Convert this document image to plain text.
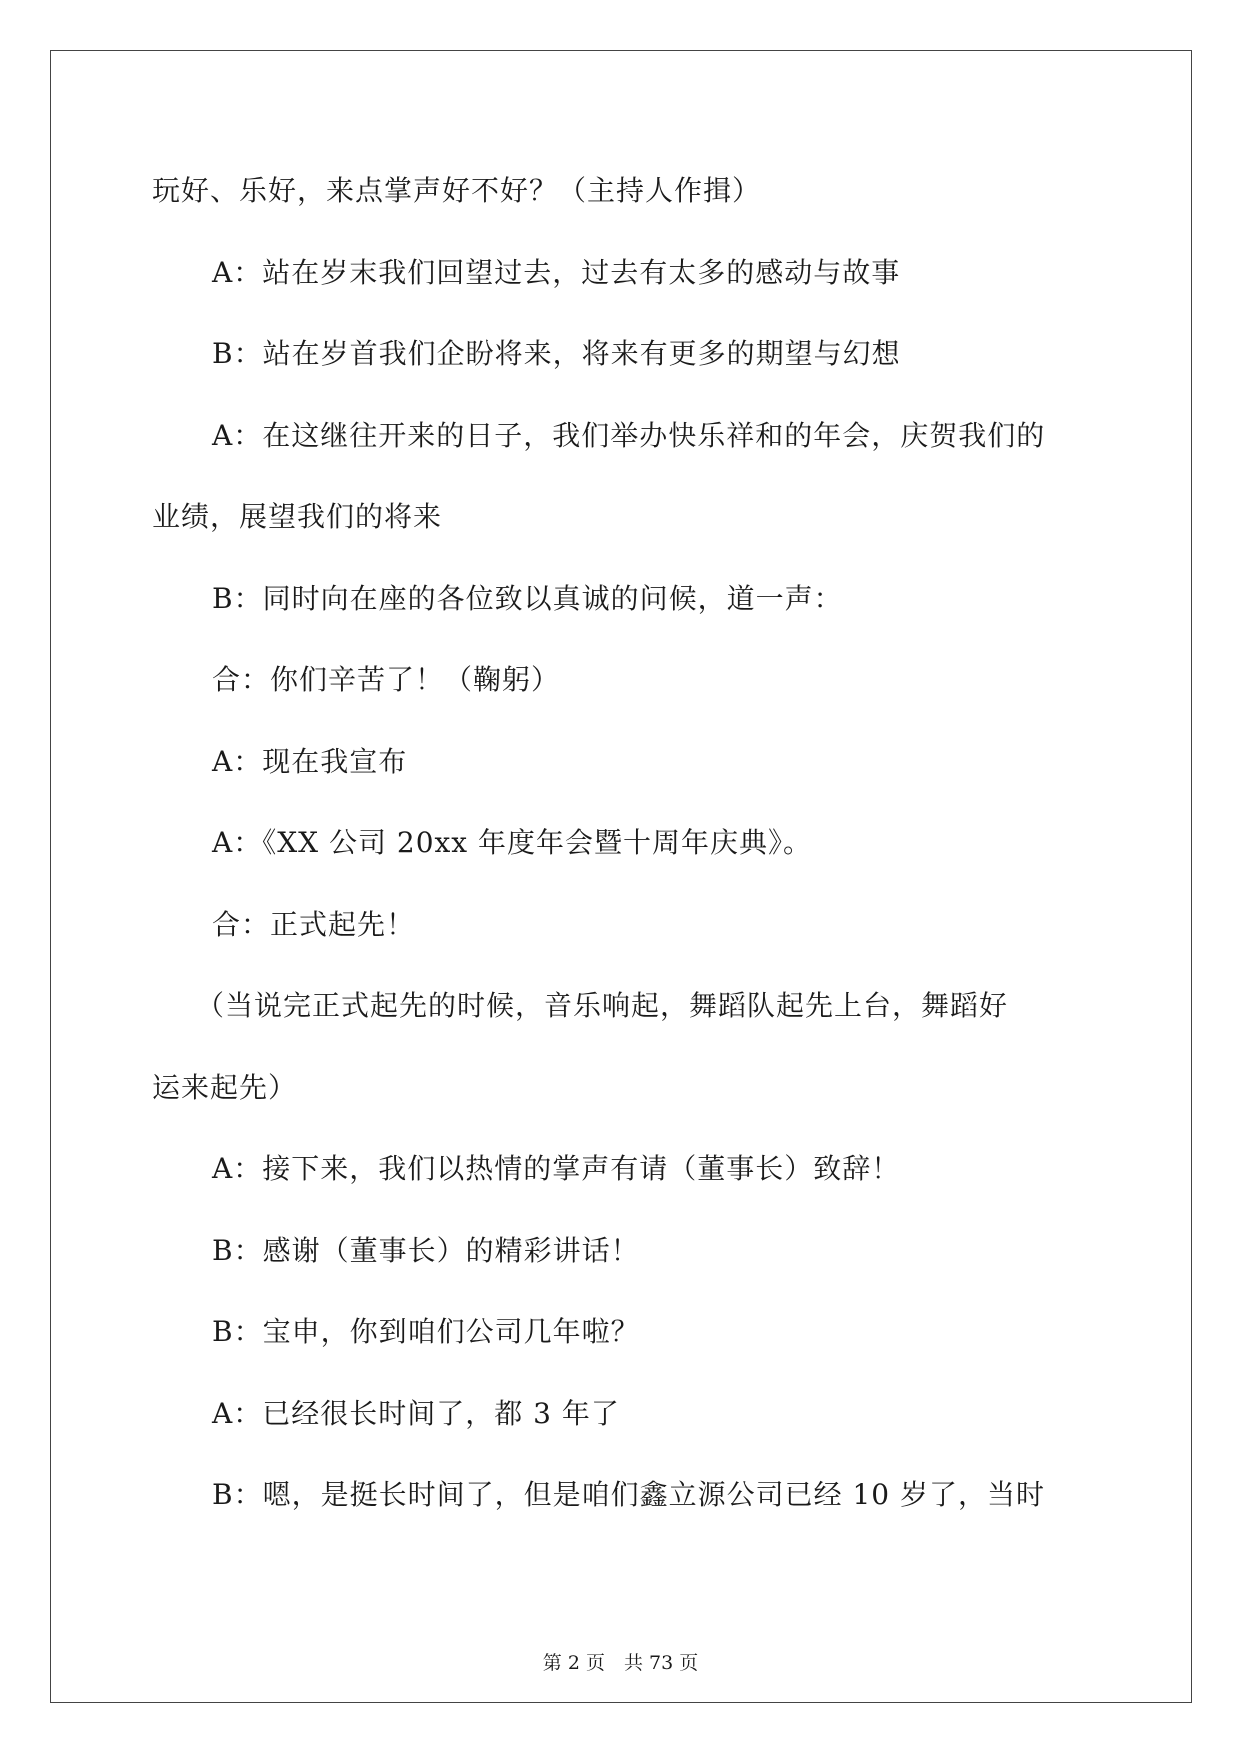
玩好、乐好，来点掌声好不好？（主持人作揖）
A：站在岁末我们回望过去，过去有太多的感动与故事
B：站在岁首我们企盼将来，将来有更多的期望与幻想
A：在这继往开来的日子，我们举办快乐祥和的年会，庆贺我们的
业绩，展望我们的将来
B：同时向在座的各位致以真诚的问候，道一声：
合：你们辛苦了！（鞠躬）
A：现在我宣布
A：《XX 公司 20xx 年度年会暨十周年庆典》。
合：正式起先！
（当说完正式起先的时候，音乐响起，舞蹈队起先上台，舞蹈好
运来起先）
A：接下来，我们以热情的掌声有请（董事长）致辞！
B：感谢（董事长）的精彩讲话！
B：宝申，你到咱们公司几年啦？
A：已经很长时间了，都 3 年了
B：嗯，是挺长时间了，但是咱们鑫立源公司已经 10 岁了，当时
第 2 页　共 73 页
